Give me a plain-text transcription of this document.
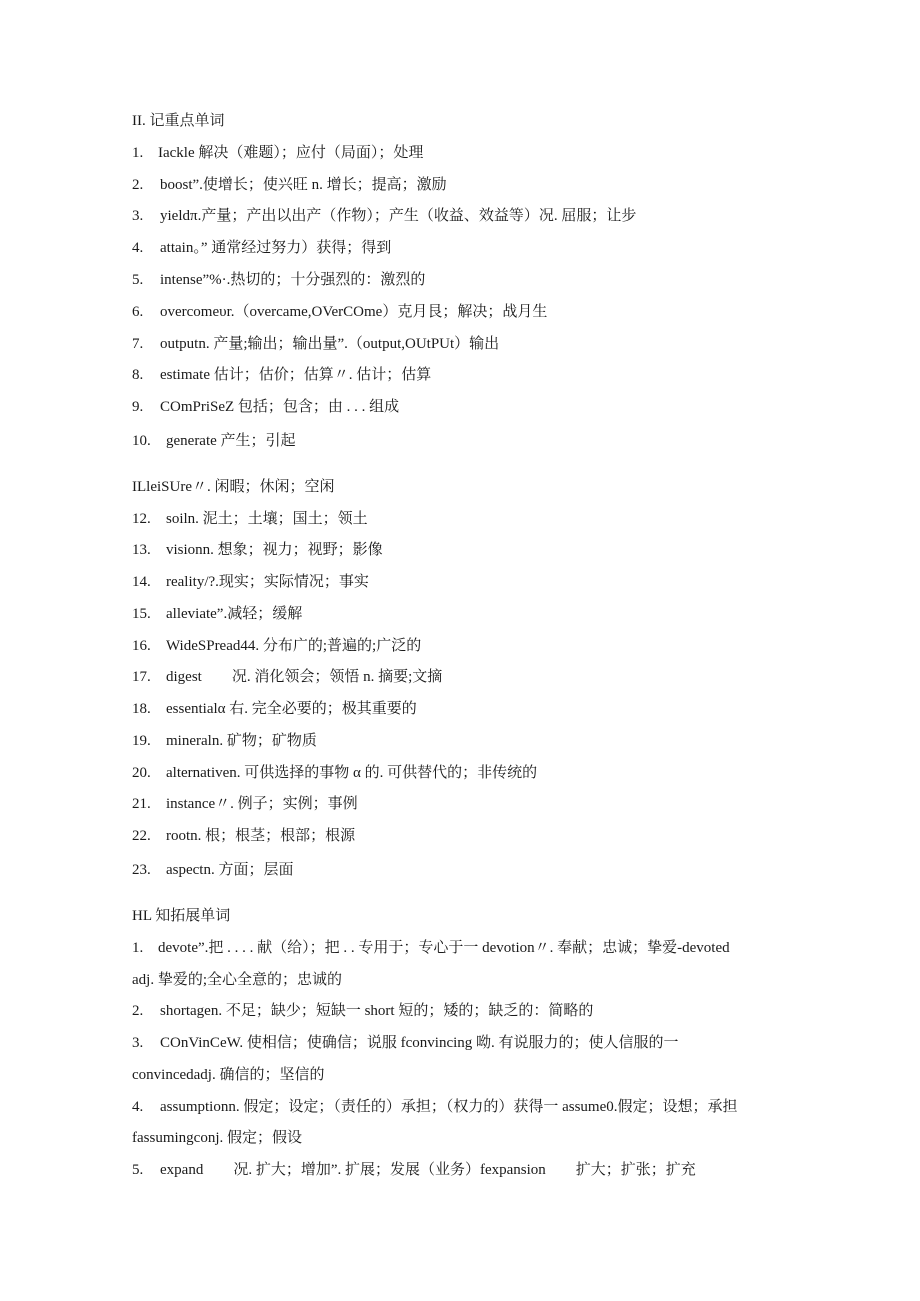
II. 记重点单词
1. Iackle 解决（难题）；应付（局面）；处理
2. boost”.使增长；使兴旺 n. 增长；提高；激励
3. yieldπ.产量；产出以出产（作物）；产生（收益、效益等）况. 屈服；让步
4. attain。” 通常经过努力）获得；得到
5. intense”%·.热切的；十分强烈的：激烈的
6. overcomeυr.（overcame,OVerCOme）克月艮；解决；战月生
7. outputn. 产量;输出；输出量”.（output,OUtPUt）输出
8. estimate 估计；估价；估算〃. 估计；估算
9. COmPriSeZ 包括；包含；由 . . . 组成
10. generate 产生；引起
ILleiSUre〃. 闲暇；休闲；空闲
12. soiln. 泥土；土壤；国土；领土
13. visionn. 想象；视力；视野；影像
14. reality/?.现实；实际情况；事实
15. alleviate”.减轻；缓解
16. WideSPread44. 分布广的;普遍的;广泛的
17. digest　　况. 消化领会；领悟 n. 摘要;文摘
18. essentialα 右. 完全必要的；极其重要的
19. mineraln. 矿物；矿物质
20. alternativen. 可供选择的事物 α 的. 可供替代的；非传统的
21. instance〃. 例子；实例；事例
22. rootn. 根；根茎；根部；根源
23. aspectn. 方面；层面
HL 知拓展单词
1. devote”.把 . . . . 献（给）；把 . . 专用于；专心于一 devotion〃. 奉献；忠诚；挚爱-devoted
adj. 挚爱的;全心全意的；忠诚的
2. shortagen. 不足；缺少；短缺一 short 短的；矮的；缺乏的：简略的
3. COnVinCeW. 使相信；使确信；说服 fconvincing 呦. 有说服力的；使人信服的一
convincedadj. 确信的；坚信的
4. assumptionn. 假定；设定；（责任的）承担；（权力的）获得一 assume0.假定；设想；承担
fassumingconj. 假定；假设
5. expand　　况. 扩大；增加”. 扩展；发展（业务）fexpansion　　扩大；扩张；扩充
